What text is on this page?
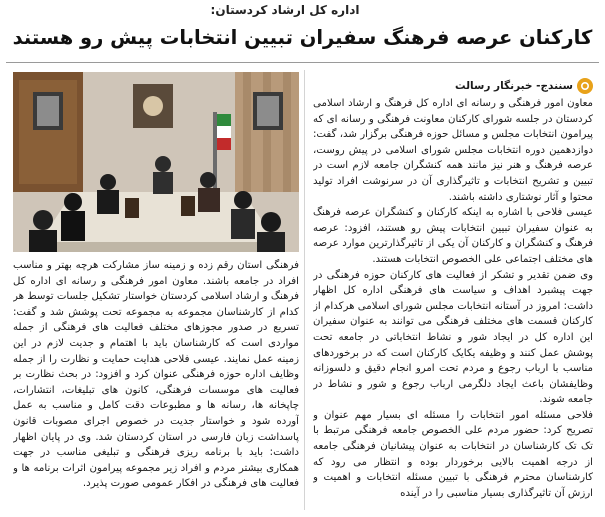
اداره کل ارشاد کردستان:
کارکنان عرصه فرهنگ سفیران تبیین انتخابات پیش رو هستند
سنندج- خبرنگار رسالت

معاون امور فرهنگی و رسانه ای اداره کل فرهنگ و ارشاد اسلامی کردستان در جلسه شورای کارکنان معاونت فرهنگی و رسانه ای که پیرامون انتخابات مجلس و مسائل حوزه فرهنگی برگزار شد، گفت: دوازدهمین دوره انتخابات مجلس شورای اسلامی در پیش روست، عرصه فرهنگ و هنر نیز مانند همه کنشگران جامعه لازم است در تبیین و تشریح انتخابات و تاثیرگذاری آن در سرنوشت افراد تولید محتوا و آثار نوشتاری داشته باشند.

عیسی فلاحی با اشاره به اینکه کارکنان و کنشگران عرصه فرهنگ به عنوان سفیران تبیین انتخابات پیش رو هستند، افزود: عرصه فرهنگ و کنشگران و کارکنان آن یکی از تاثیرگذارترین موارد عرصه های مختلف اجتماعی علی الخصوص انتخابات هستند.

وی ضمن تقدیر و تشکر از فعالیت های کارکنان حوزه فرهنگی در جهت پیشبرد اهداف و سیاست های فرهنگی اداره کل اظهار داشت: امروز در آستانه انتخابات مجلس شورای اسلامی هرکدام از کارکنان قسمت های مختلف فرهنگی می توانند به عنوان سفیران این اداره کل در ایجاد شور و نشاط انتخاباتی در جامعه تحت پوشش عمل کنند و وظیفه یکایک کارکنان است که در برخوردهای مناسب با ارباب رجوع و مردم تحت امرو انجام دقیق و دلسوزانه وظایفشان باعث ایجاد دلگرمی ارباب رجوع و شور و نشاط در جامعه شوند.

فلاحی مسئله امور انتخابات را مسئله ای بسیار مهم عنوان و تصریح کرد: حضور مردم علی الخصوص جامعه فرهنگی مرتبط با تک تک کارشناسان در انتخابات به عنوان پیشانیان فرهنگی جامعه از درجه اهمیت بالایی برخوردار بوده و انتظار می رود که کارشناسان محترم فرهنگی با تبیین مسئله انتخابات و اهمیت و ارزش آن تاثیرگذاری بسیار مناسبی را در آینده

فرهنگی استان رقم زده و زمینه ساز مشارکت هرچه بهتر و مناسب افراد در جامعه باشند. معاون امور فرهنگی و رسانه ای اداره کل فرهنگ و ارشاد اسلامی کردستان خواستار تشکیل جلسات توسط هر کدام از کارشناسان مجموعه به مجموعه تحت پوشش شد و گفت: تسریع در صدور مجوزهای مختلف فعالیت های فرهنگی از جمله مواردی است که کارشناسان باید با اهتمام و جدیت لازم در این زمینه عمل نمایند. عیسی فلاحی هدایت حمایت و نظارت را از جمله وظایف اداره حوزه فرهنگی عنوان کرد و افزود: در بحث نظارت بر فعالیت های موسسات فرهنگی، کانون های تبلیغات، انتشارات، چاپخانه ها، رسانه ها و مطبوعات دقت کامل و مناسب به عمل آورده شود و خواستار جدیت در خصوص اجرای مصوبات قانون پاسداشت زبان فارسی در استان کردستان شد. وی در پایان اظهار داشت: باید با برنامه ریزی فرهنگی و تبلیغی مناسب در جهت همکاری بیشتر مردم و افراد زیر مجموعه پیرامون اثرات برنامه ها و فعالیت های فرهنگی در افکار عمومی صورت پذیرد.
